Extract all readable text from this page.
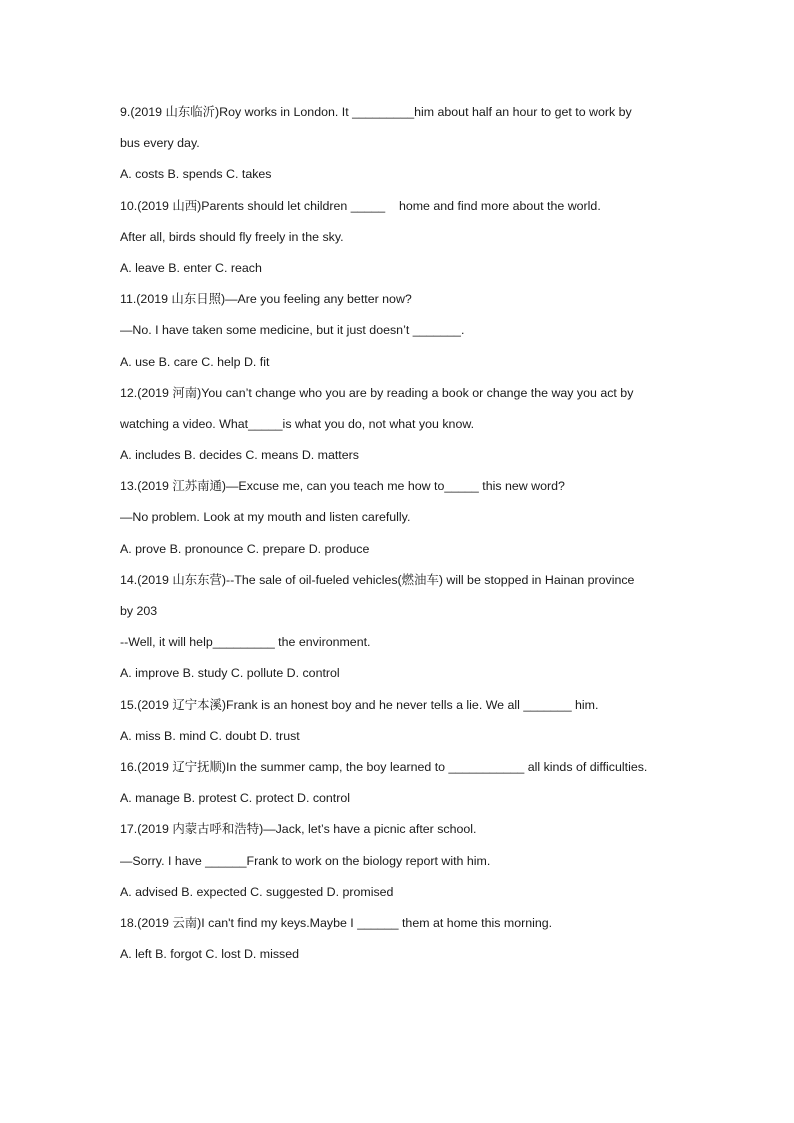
9.(2019 山东临沂)Roy works in London. It _________him about half an hour to get to work by
bus every day.
A. costs B. spends C. takes
10.(2019 山西)Parents should let children _____    home and find more about the world.
After all, birds should fly freely in the sky.
A. leave B. enter C. reach
11.(2019 山东日照)—Are you feeling any better now?
—No. I have taken some medicine, but it just doesn’t _______.
A. use B. care C. help D. fit
12.(2019 河南)You can’t change who you are by reading a book or change the way you act by
watching a video. What_____is what you do, not what you know.
A. includes B. decides C. means D. matters
13.(2019 江苏南通)—Excuse me, can you teach me how to_____ this new word?
—No problem. Look at my mouth and listen carefully.
A. prove B. pronounce C. prepare D. produce
14.(2019 山东东营)--The sale of oil-fueled vehicles(燃油车) will be stopped in Hainan province
by 203
--Well, it will help_________ the environment.
A. improve B. study C. pollute D. control
15.(2019 辽宁本溪)Frank is an honest boy and he never tells a lie. We all _______ him.
A. miss B. mind C. doubt D. trust
16.(2019 辽宁抚顺)In the summer camp, the boy learned to ___________ all kinds of difficulties.
A. manage B. protest C. protect D. control
17.(2019 内蒙古呼和浩特)—Jack, let’s have a picnic after school.
—Sorry. I have ______Frank to work on the biology report with him.
A. advised B. expected C. suggested D. promised
18.(2019 云南)I can't find my keys.Maybe I ______ them at home this morning.
A. left B. forgot C. lost D. missed
